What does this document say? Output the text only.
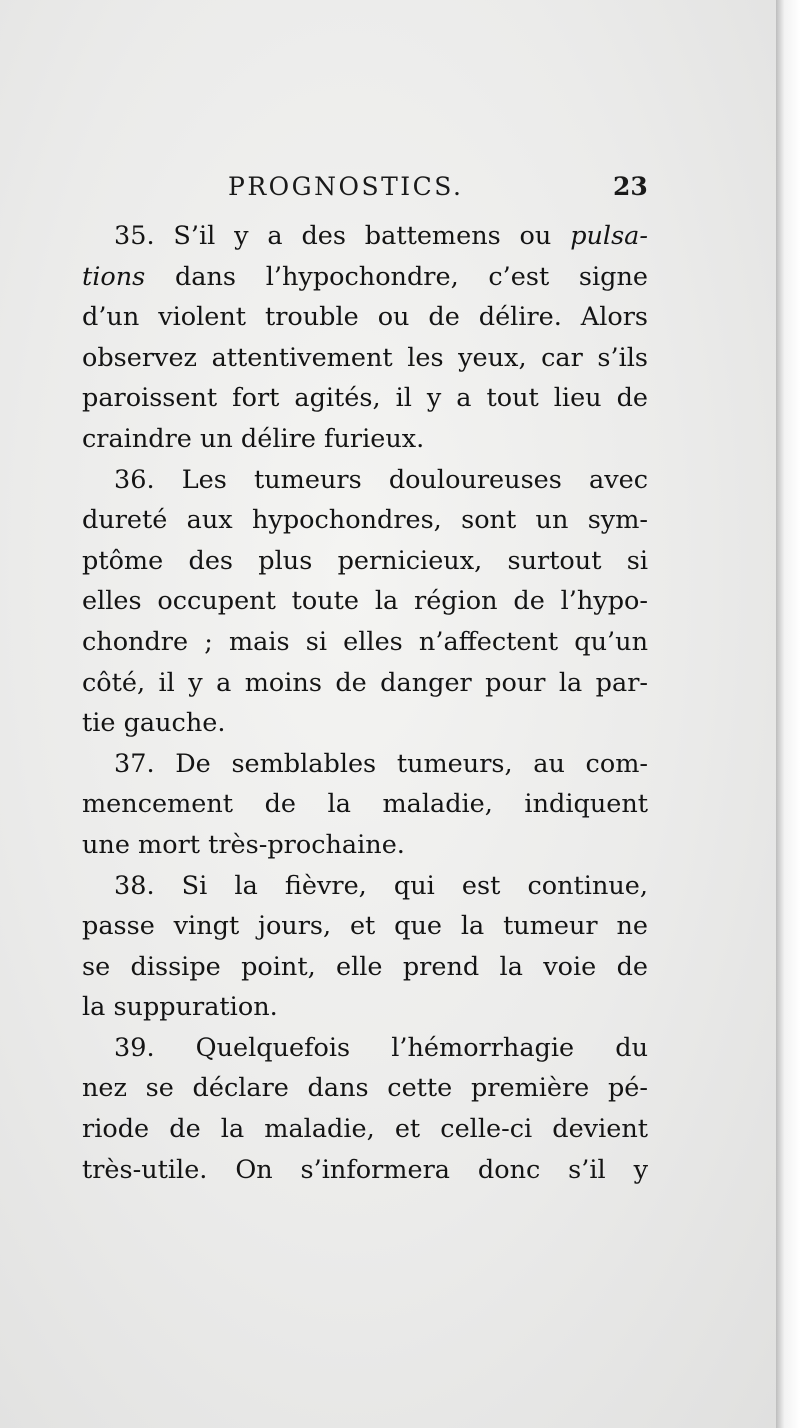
PROGNOSTICS.	23
35. S’il y a des battemens ou pulsa-
tions dans l’hypochondre, c’est signe
d’un violent trouble ou de délire. Alors
observez attentivement les yeux, car s’ils
paroissent fort agités, il y a tout lieu de
craindre un délire furieux.
36. Les tumeurs douloureuses avec
dureté aux hypochondres, sont un sym-
ptôme des plus pernicieux, surtout si
elles occupent toute la région de l’hypo-
chondre ; mais si elles n’affectent qu’un
côté, il y a moins de danger pour la par-
tie gauche.
37. De semblables tumeurs, au com-
mencement de la maladie, indiquent
une mort très-prochaine.
38. Si la fièvre, qui est continue,
passe vingt jours, et que la tumeur ne
se dissipe point, elle prend la voie de
la suppuration.
39. Quelquefois l’hémorrhagie du
nez se déclare dans cette première pé-
riode de la maladie, et celle-ci devient
très-utile. On s’informera donc s’il y
